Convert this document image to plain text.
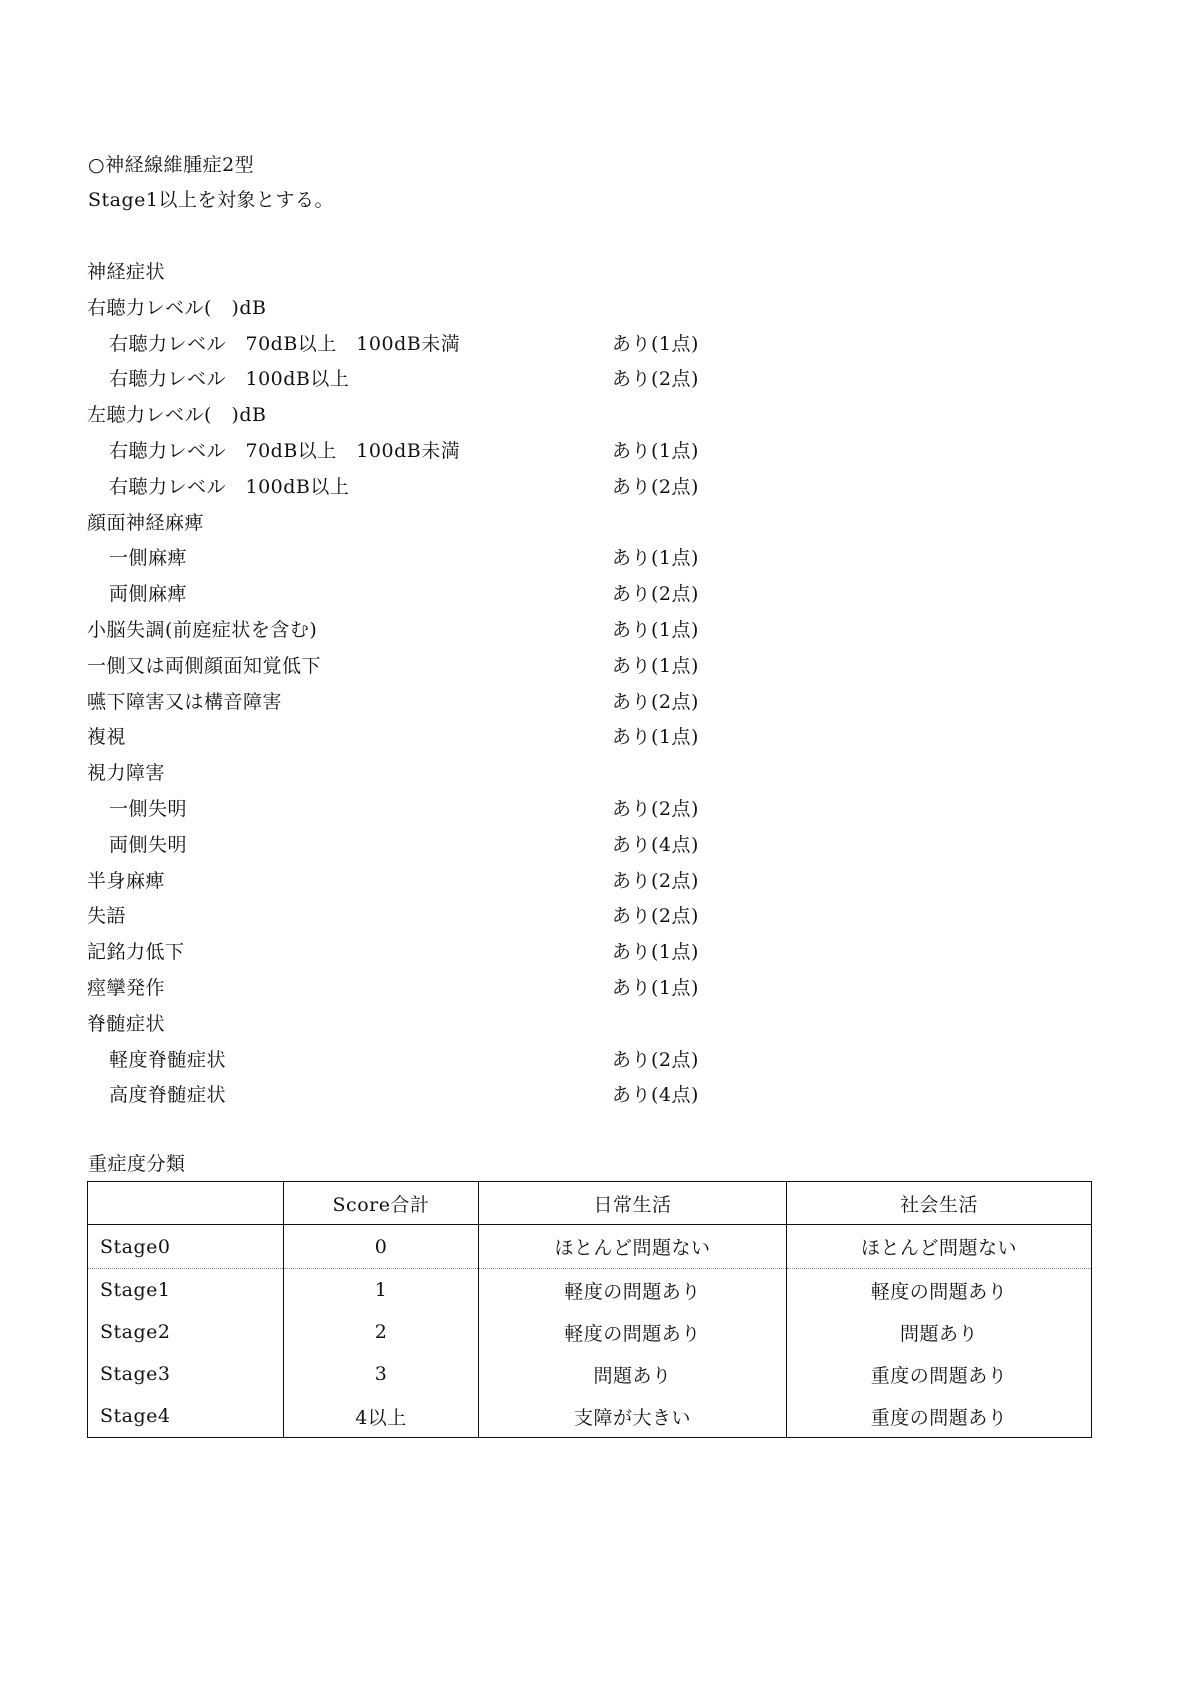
○神経線維腫症2型
Stage1以上を対象とする。
神経症状
右聴力レベル(　)dB
右聴力レベル　70dB以上　100dB未満	あり(1点)
右聴力レベル　100dB以上	あり(2点)
左聴力レベル(　)dB
右聴力レベル　70dB以上　100dB未満	あり(1点)
右聴力レベル　100dB以上	あり(2点)
顔面神経麻痺
一側麻痺	あり(1点)
両側麻痺	あり(2点)
小脳失調(前庭症状を含む)	あり(1点)
一側又は両側顔面知覚低下	あり(1点)
嚥下障害又は構音障害	あり(2点)
複視	あり(1点)
視力障害
一側失明	あり(2点)
両側失明	あり(4点)
半身麻痺	あり(2点)
失語	あり(2点)
記銘力低下	あり(1点)
痙攣発作	あり(1点)
脊髄症状
軽度脊髄症状	あり(2点)
高度脊髄症状	あり(4点)
重症度分類
	Score合計	日常生活	社会生活
Stage0	0	ほとんど問題ない	ほとんど問題ない
Stage1	1	軽度の問題あり	軽度の問題あり
Stage2	2	軽度の問題あり	問題あり
Stage3	3	問題あり	重度の問題あり
Stage4	4以上	支障が大きい	重度の問題あり
